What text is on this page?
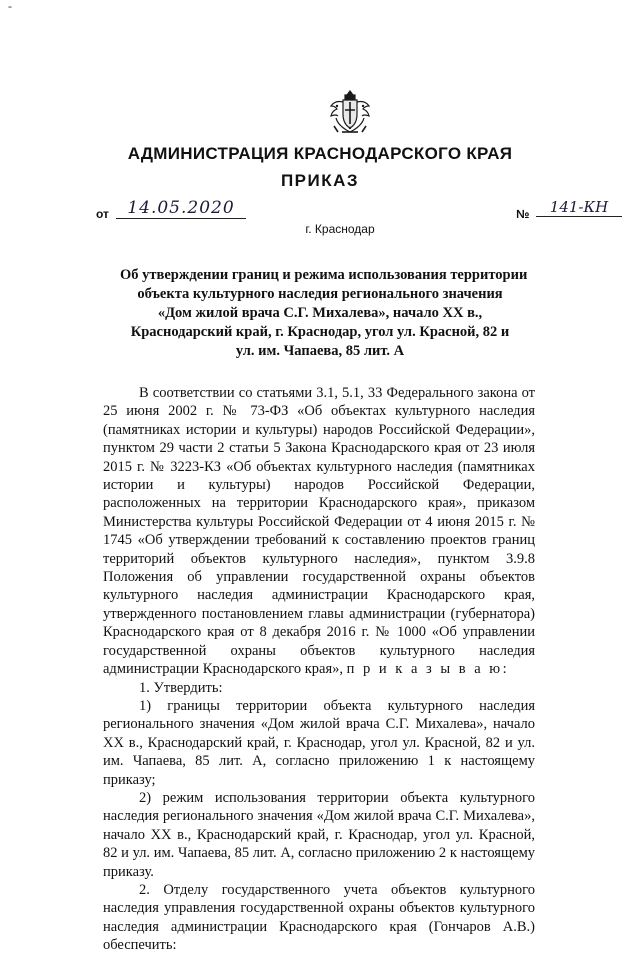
-
АДМИНИСТРАЦИЯ КРАСНОДАРСКОГО КРАЯ
ПРИКАЗ
от	14.05.2020	№	141-КН
г. Краснодар
Об утверждении границ и режима использования территории
объекта культурного наследия регионального значения
«Дом жилой врача С.Г. Михалева», начало XX в.,
Краснодарский край, г. Краснодар, угол ул. Красной, 82 и
ул. им. Чапаева, 85 лит. А

В соответствии со статьями 3.1, 5.1, 33 Федерального закона от 25 июня 2002 г. № 73-ФЗ «Об объектах культурного наследия (памятниках истории и культуры) народов Российской Федерации», пунктом 29 части 2 статьи 5 Закона Краснодарского края от 23 июля 2015 г. № 3223-КЗ «Об объектах культурного наследия (памятниках истории и культуры) народов Российской Федерации, расположенных на территории Краснодарского края», приказом Министерства культуры Российской Федерации от 4 июня 2015 г. № 1745 «Об утверждении требований к составлению проектов границ территорий объектов культурного наследия», пунктом 3.9.8 Положения об управлении государственной охраны объектов культурного наследия администрации Краснодарского края, утвержденного постановлением главы администрации (губернатора) Краснодарского края от 8 декабря 2016 г. № 1000 «Об управлении государственной охраны объектов культурного наследия администрации Краснодарского края», п р и к а з ы в а ю:

1. Утвердить:

1) границы территории объекта культурного наследия регионального значения «Дом жилой врача С.Г. Михалева», начало XX в., Краснодарский край, г. Краснодар, угол ул. Красной, 82 и ул. им. Чапаева, 85 лит. А, согласно приложению 1 к настоящему приказу;

2) режим использования территории объекта культурного наследия регионального значения «Дом жилой врача С.Г. Михалева», начало XX в., Краснодарский край, г. Краснодар, угол ул. Красной, 82 и ул. им. Чапаева, 85 лит. А, согласно приложению 2 к настоящему приказу.

2. Отделу государственного учета объектов культурного наследия управления государственной охраны объектов культурного наследия администрации Краснодарского края (Гончаров А.В.) обеспечить:
